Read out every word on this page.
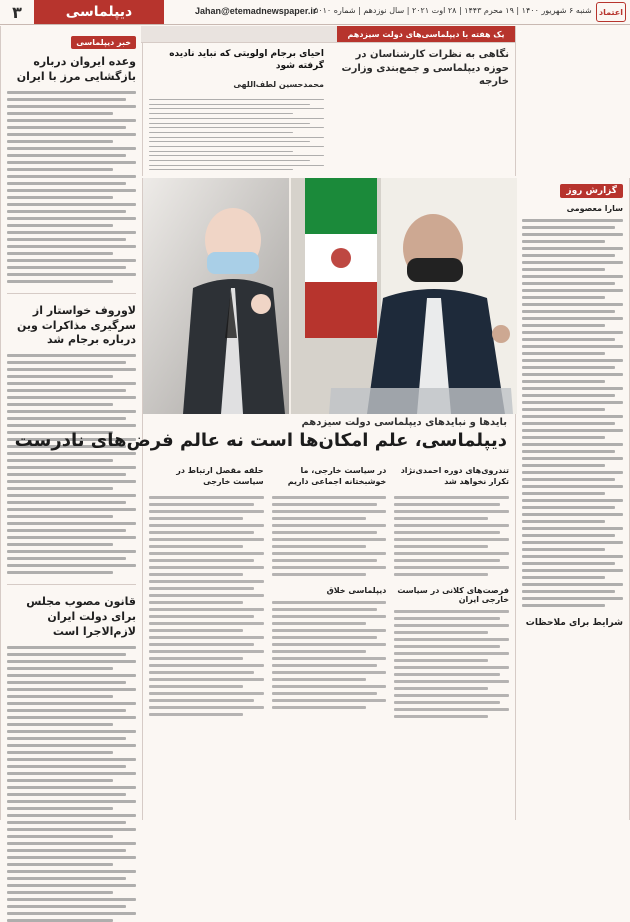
۳	دیپلماسی	Jahan@etemadnewspaper.ir
شنبه ۶ شهریور ۱۴۰۰ | ۱۹ محرم ۱۴۴۳ | ۲۸ اوت ۲۰۲۱ | سال نوزدهم | شماره ۵۰۱۰ اعتماد
خبر دیپلماسی
وعده ایروان درباره بازگشایی مرز با ایران
لاوروف خواستار از سرگیری مذاکرات وین درباره برجام شد
قانون مصوب مجلس برای دولت ایران لازم‌الاجرا است
یک هفته با دیپلماسی‌های دولت سیزدهم
نگاهی به نظرات کارشناسان در حوزه دیپلماسی و جمع‌بندی وزارت خارجه
احیای برجام اولویتی که نباید نادیده گرفته شود
محمدحسین لطف‌اللهی
گزارش روز
سارا معصومی
شرایط برای ملاحظات
بایدها و نبایدهای دیپلماسی دولت سیزدهم
دیپلماسی، علم امکان‌ها است نه عالم فرض‌های نادرست
تندروی‌های دوره احمدی‌نژاد تکرار نخواهد شد
فرصت‌های کلانی در سیاست خارجی ایران
در سیاست خارجی، ما خوشبختانه اجماعی داریم
دیپلماسی خلاق
حلقه مقصل ارتباط در سیاست خارجی
